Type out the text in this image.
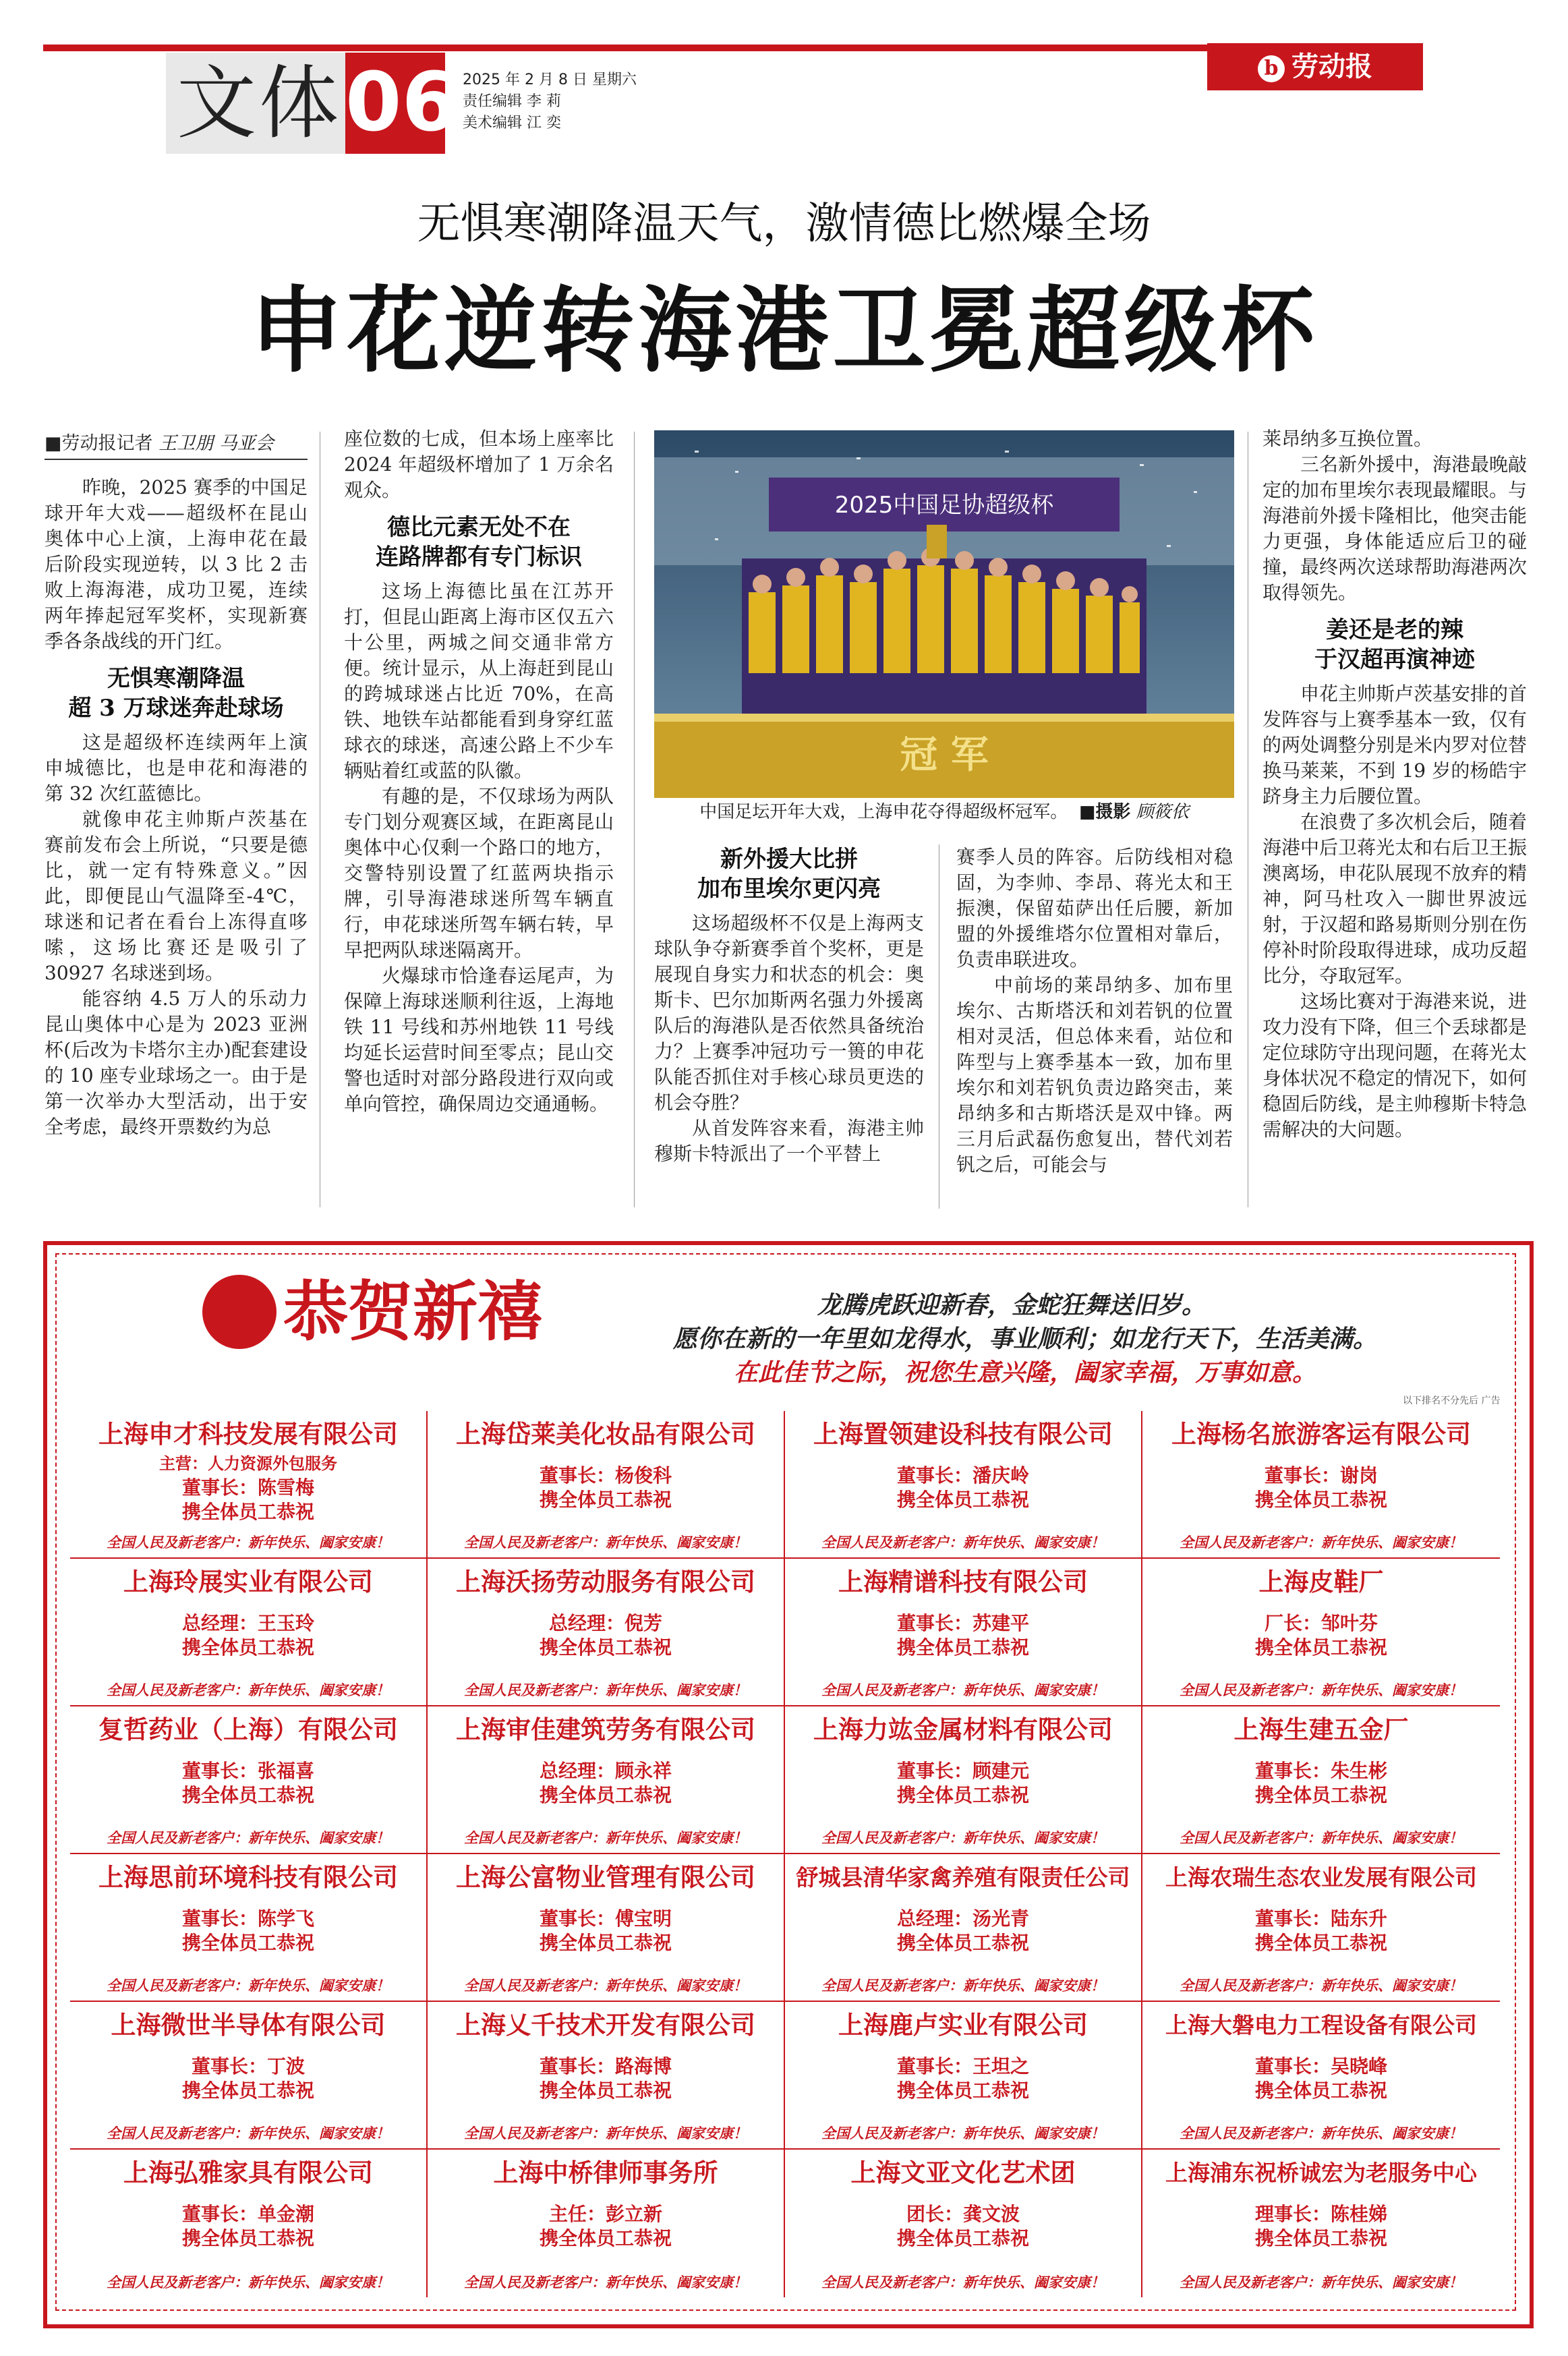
文体 06 2025 年 2 月 8 日 星期六
责任编辑 李 莉
美术编辑 江 奕
b 劳动报
无惧寒潮降温天气，激情德比燃爆全场
申花逆转海港卫冕超级杯
■劳动报记者 王卫朋 马亚会

昨晚，2025 赛季的中国足球开年大戏——超级杯在昆山奥体中心上演，上海申花在最后阶段实现逆转，以 3 比 2 击败上海海港，成功卫冕，连续两年捧起冠军奖杯，实现新赛季各条战线的开门红。

无惧寒潮降温
超 3 万球迷奔赴球场

这是超级杯连续两年上演申城德比，也是申花和海港的第 32 次红蓝德比。

就像申花主帅斯卢茨基在赛前发布会上所说，“只要是德比，就一定有特殊意义。”因此，即便昆山气温降至-4℃，球迷和记者在看台上冻得直哆嗦，这场比赛还是吸引了 30927 名球迷到场。

能容纳 4.5 万人的乐动力昆山奥体中心是为 2023 亚洲杯(后改为卡塔尔主办)配套建设的 10 座专业球场之一。由于是第一次举办大型活动，出于安全考虑，最终开票数约为总

座位数的七成，但本场上座率比 2024 年超级杯增加了 1 万余名观众。

德比元素无处不在
连路牌都有专门标识

这场上海德比虽在江苏开打，但昆山距离上海市区仅五六十公里，两城之间交通非常方便。统计显示，从上海赶到昆山的跨城球迷占比近 70%，在高铁、地铁车站都能看到身穿红蓝球衣的球迷，高速公路上不少车辆贴着红或蓝的队徽。

有趣的是，不仅球场为两队专门划分观赛区域，在距离昆山奥体中心仅剩一个路口的地方，交警特别设置了红蓝两块指示牌，引导海港球迷所驾车辆直行，申花球迷所驾车辆右转，早早把两队球迷隔离开。

火爆球市恰逢春运尾声，为保障上海球迷顺利往返，上海地铁 11 号线和苏州地铁 11 号线均延长运营时间至零点；昆山交警也适时对部分路段进行双向或单向管控，确保周边交通通畅。

2025中国足协超级杯
冠 军
中国足坛开年大戏，上海申花夺得超级杯冠军。 ■摄影 顾筱依
新外援大比拼
加布里埃尔更闪亮

这场超级杯不仅是上海两支球队争夺新赛季首个奖杯，更是展现自身实力和状态的机会：奥斯卡、巴尔加斯两名强力外援离队后的海港队是否依然具备统治力？上赛季冲冠功亏一篑的申花队能否抓住对手核心球员更迭的机会夺胜？

从首发阵容来看，海港主帅穆斯卡特派出了一个平替上

赛季人员的阵容。后防线相对稳固，为李帅、李昂、蒋光太和王振澳，保留茹萨出任后腰，新加盟的外援维塔尔位置相对靠后，负责串联进攻。

中前场的莱昂纳多、加布里埃尔、古斯塔沃和刘若钒的位置相对灵活，但总体来看，站位和阵型与上赛季基本一致，加布里埃尔和刘若钒负责边路突击，莱昂纳多和古斯塔沃是双中锋。两三月后武磊伤愈复出，替代刘若钒之后，可能会与

莱昂纳多互换位置。

三名新外援中，海港最晚敲定的加布里埃尔表现最耀眼。与海港前外援卡隆相比，他突击能力更强，身体能适应后卫的碰撞，最终两次送球帮助海港两次取得领先。

姜还是老的辣
于汉超再演神迹

申花主帅斯卢茨基安排的首发阵容与上赛季基本一致，仅有的两处调整分别是米内罗对位替换马莱莱，不到 19 岁的杨皓宇跻身主力后腰位置。

在浪费了多次机会后，随着海港中后卫蒋光太和右后卫王振澳离场，申花队展现不放弃的精神，阿马杜攻入一脚世界波远射，于汉超和路易斯则分别在伤停补时阶段取得进球，成功反超比分，夺取冠军。

这场比赛对于海港来说，进攻力没有下降，但三个丢球都是定位球防守出现问题，在蒋光太身体状况不稳定的情况下，如何稳固后防线，是主帅穆斯卡特急需解决的大问题。

恭贺新禧	龙腾虎跃迎新春，金蛇狂舞送旧岁。
愿你在新的一年里如龙得水，事业顺利；如龙行天下，生活美满。
在此佳节之际，祝您生意兴隆，阖家幸福，万事如意。
以下排名不分先后 广告
上海申才科技发展有限公司
主营：人力资源外包服务
董事长：陈雪梅
携全体员工恭祝
全国人民及新老客户：新年快乐、阖家安康！
上海岱莱美化妆品有限公司
董事长：杨俊科
携全体员工恭祝
全国人民及新老客户：新年快乐、阖家安康！
上海置领建设科技有限公司
董事长：潘庆岭
携全体员工恭祝
全国人民及新老客户：新年快乐、阖家安康！
上海杨名旅游客运有限公司
董事长：谢岗
携全体员工恭祝
全国人民及新老客户：新年快乐、阖家安康！
上海玲展实业有限公司
总经理：王玉玲
携全体员工恭祝
全国人民及新老客户：新年快乐、阖家安康！
上海沃扬劳动服务有限公司
总经理：倪芳
携全体员工恭祝
全国人民及新老客户：新年快乐、阖家安康！
上海精谱科技有限公司
董事长：苏建平
携全体员工恭祝
全国人民及新老客户：新年快乐、阖家安康！
上海皮鞋厂
厂长：邹叶芬
携全体员工恭祝
全国人民及新老客户：新年快乐、阖家安康！
复哲药业（上海）有限公司
董事长：张福喜
携全体员工恭祝
全国人民及新老客户：新年快乐、阖家安康！
上海审佳建筑劳务有限公司
总经理：顾永祥
携全体员工恭祝
全国人民及新老客户：新年快乐、阖家安康！
上海力竑金属材料有限公司
董事长：顾建元
携全体员工恭祝
全国人民及新老客户：新年快乐、阖家安康！
上海生建五金厂
董事长：朱生彬
携全体员工恭祝
全国人民及新老客户：新年快乐、阖家安康！
上海思前环境科技有限公司
董事长：陈学飞
携全体员工恭祝
全国人民及新老客户：新年快乐、阖家安康！
上海公富物业管理有限公司
董事长：傅宝明
携全体员工恭祝
全国人民及新老客户：新年快乐、阖家安康！
舒城县清华家禽养殖有限责任公司
总经理：汤光青
携全体员工恭祝
全国人民及新老客户：新年快乐、阖家安康！
上海农瑞生态农业发展有限公司
董事长：陆东升
携全体员工恭祝
全国人民及新老客户：新年快乐、阖家安康！
上海微世半导体有限公司
董事长：丁波
携全体员工恭祝
全国人民及新老客户：新年快乐、阖家安康！
上海乂千技术开发有限公司
董事长：路海博
携全体员工恭祝
全国人民及新老客户：新年快乐、阖家安康！
上海鹿卢实业有限公司
董事长：王坦之
携全体员工恭祝
全国人民及新老客户：新年快乐、阖家安康！
上海大磐电力工程设备有限公司
董事长：吴晓峰
携全体员工恭祝
全国人民及新老客户：新年快乐、阖家安康！
上海弘雅家具有限公司
董事长：单金潮
携全体员工恭祝
全国人民及新老客户：新年快乐、阖家安康！
上海中桥律师事务所
主任：彭立新
携全体员工恭祝
全国人民及新老客户：新年快乐、阖家安康！
上海文亚文化艺术团
团长：龚文波
携全体员工恭祝
全国人民及新老客户：新年快乐、阖家安康！
上海浦东祝桥诚宏为老服务中心
理事长：陈桂娣
携全体员工恭祝
全国人民及新老客户：新年快乐、阖家安康！
